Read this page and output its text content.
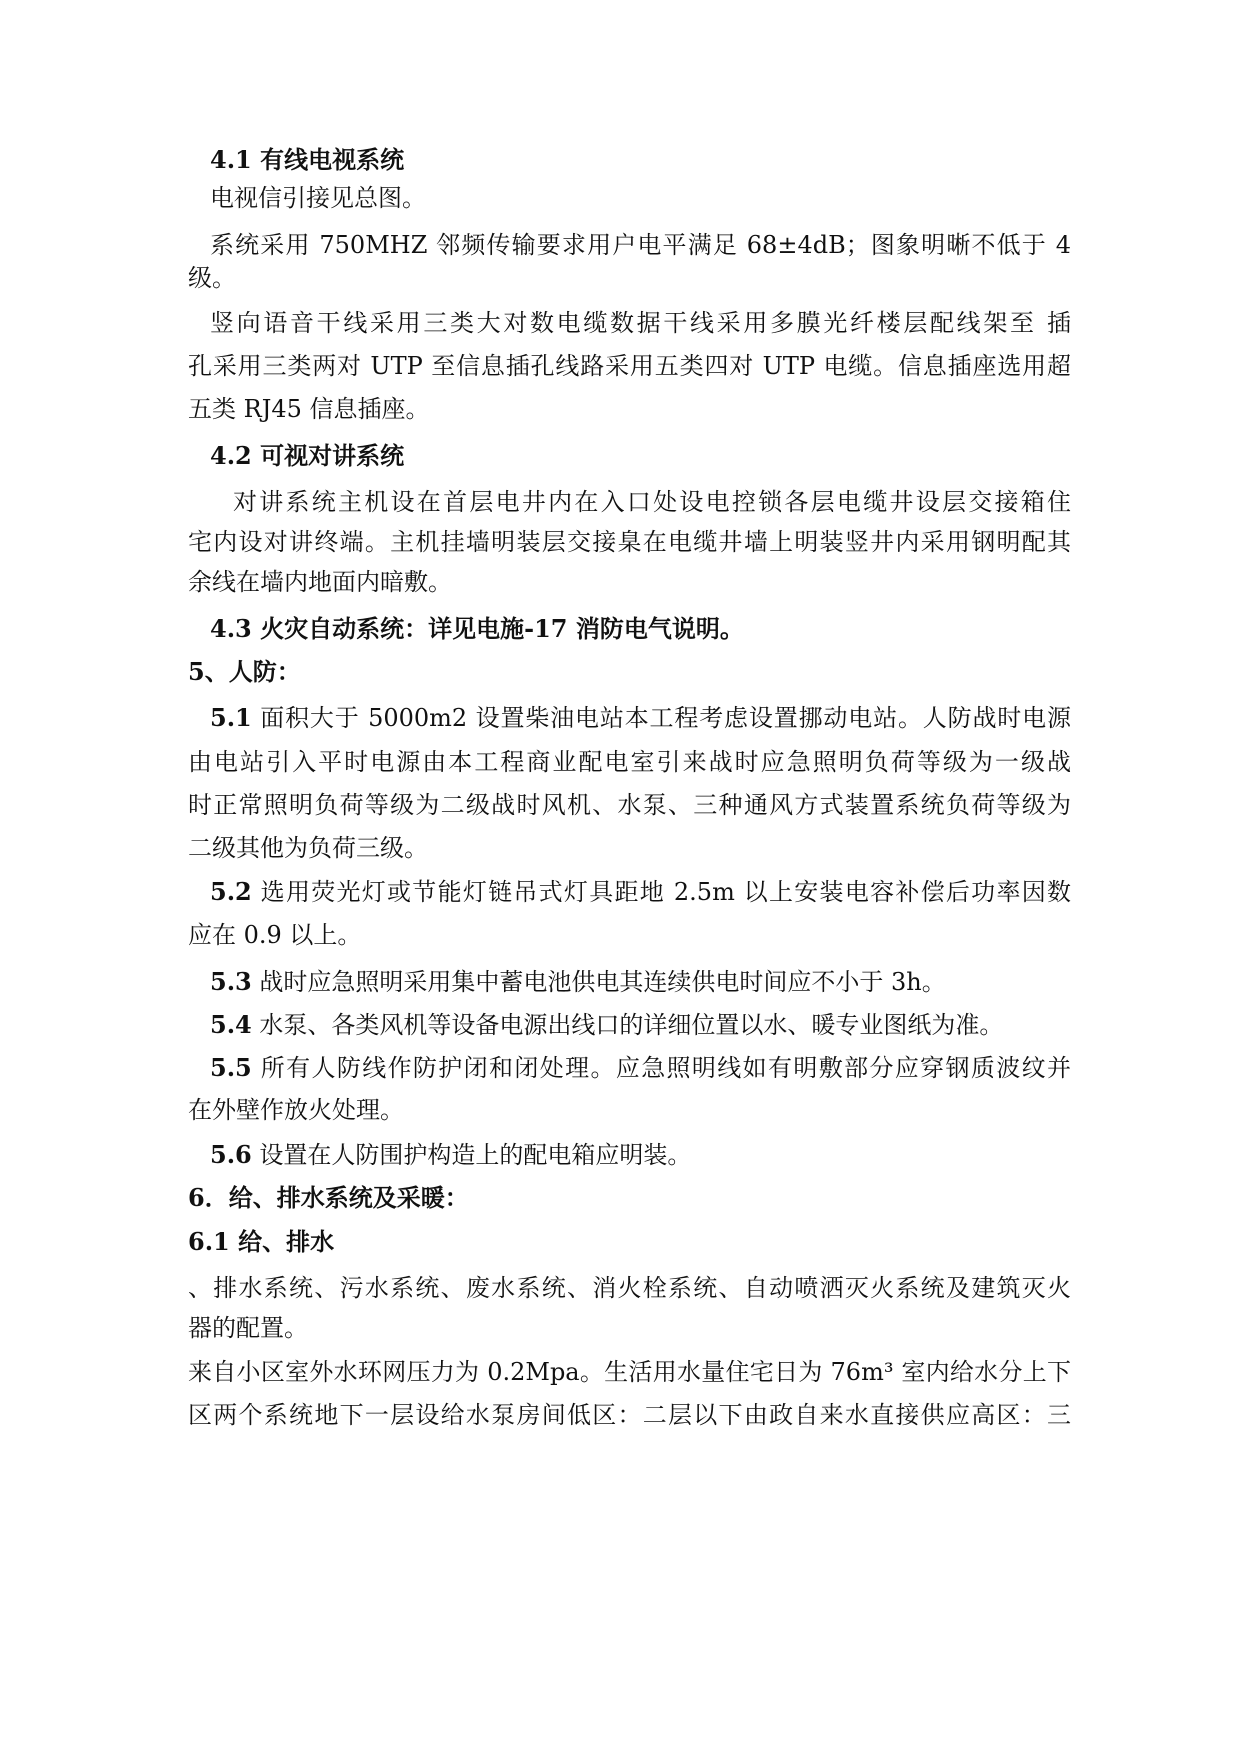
4.1 有线电视系统
电视信引接见总图。
系统采用 750MHZ 邻频传输要求用户电平满足 68±4dB；图象明晰不低于 4
级。
竖向语音干线采用三类大对数电缆数据干线采用多膜光纤楼层配线架至 插
孔采用三类两对 UTP 至信息插孔线路采用五类四对 UTP 电缆。信息插座选用超
五类 RJ45 信息插座。
4.2 可视对讲系统
对讲系统主机设在首层电井内在入口处设电控锁各层电缆井设层交接箱住
宅内设对讲终端。主机挂墙明装层交接臬在电缆井墙上明装竖井内采用钢明配其
余线在墙内地面内暗敷。
4.3 火灾自动系统：详见电施-17 消防电气说明。
5、人防：
5.1 面积大于 5000m2 设置柴油电站本工程考虑设置挪动电站。人防战时电源
由电站引入平时电源由本工程商业配电室引来战时应急照明负荷等级为一级战
时正常照明负荷等级为二级战时风机、水泵、三种通风方式装置系统负荷等级为
二级其他为负荷三级。
5.2 选用荧光灯或节能灯链吊式灯具距地 2.5m 以上安装电容补偿后功率因数
应在 0.9 以上。
5.3 战时应急照明采用集中蓄电池供电其连续供电时间应不小于 3h。
5.4 水泵、各类风机等设备电源出线口的详细位置以水、暖专业图纸为准。
5.5 所有人防线作防护闭和闭处理。应急照明线如有明敷部分应穿钢质波纹并
在外壁作放火处理。
5.6 设置在人防围护构造上的配电箱应明装。
6．给、排水系统及采暖：
6.1 给、排水
、排水系统、污水系统、废水系统、消火栓系统、自动喷洒灭火系统及建筑灭火
器的配置。
来自小区室外水环网压力为 0.2Mpa。生活用水量住宅日为 76m³ 室内给水分上下
区两个系统地下一层设给水泵房间低区：二层以下由政自来水直接供应高区：三
